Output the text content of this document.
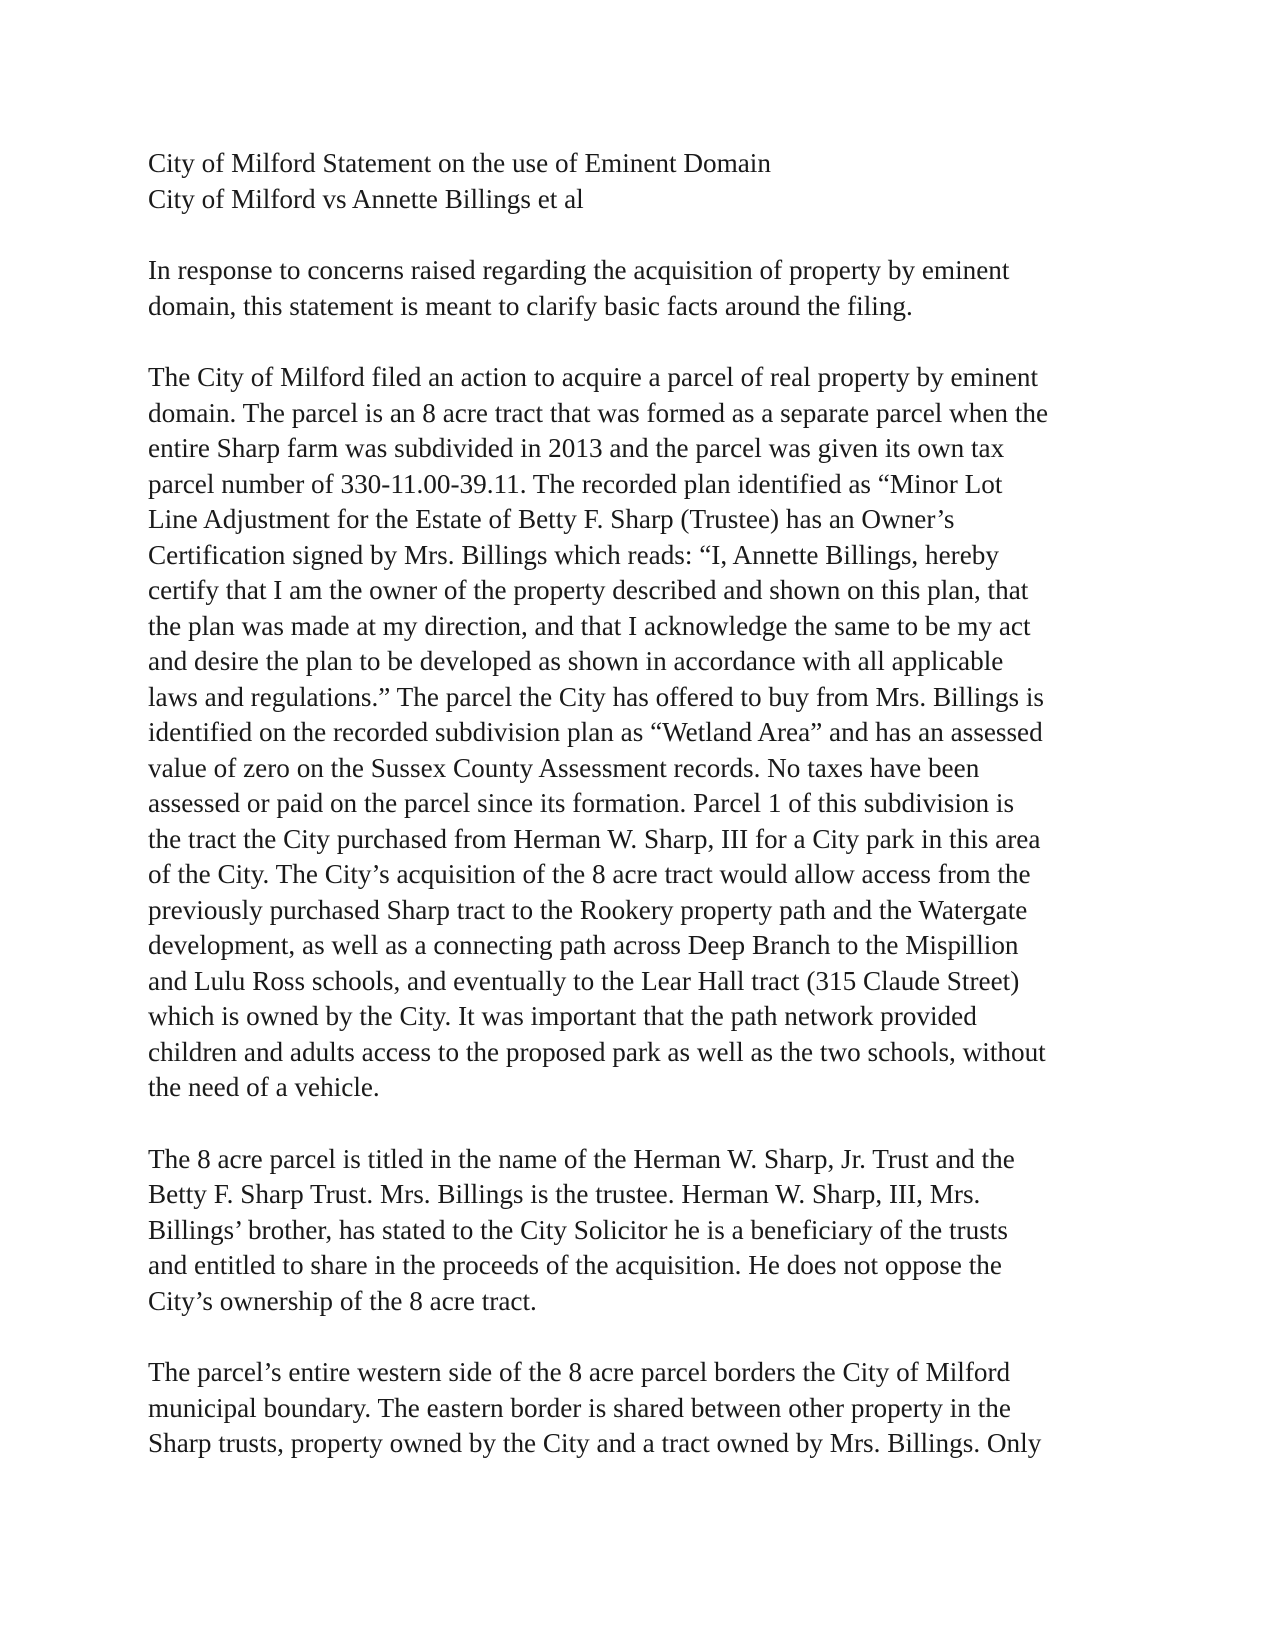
City of Milford Statement on the use of Eminent Domain
City of Milford vs Annette Billings et al
In response to concerns raised regarding the acquisition of property by eminent
domain, this statement is meant to clarify basic facts around the filing.
The City of Milford filed an action to acquire a parcel of real property by eminent
domain. The parcel is an 8 acre tract that was formed as a separate parcel when the
entire Sharp farm was subdivided in 2013 and the parcel was given its own tax
parcel number of 330-11.00-39.11. The recorded plan identified as “Minor Lot
Line Adjustment for the Estate of Betty F. Sharp (Trustee) has an Owner’s
Certification signed by Mrs. Billings which reads: “I, Annette Billings, hereby
certify that I am the owner of the property described and shown on this plan, that
the plan was made at my direction, and that I acknowledge the same to be my act
and desire the plan to be developed as shown in accordance with all applicable
laws and regulations.” The parcel the City has offered to buy from Mrs. Billings is
identified on the recorded subdivision plan as “Wetland Area” and has an assessed
value of zero on the Sussex County Assessment records. No taxes have been
assessed or paid on the parcel since its formation. Parcel 1 of this subdivision is
the tract the City purchased from Herman W. Sharp, III for a City park in this area
of the City. The City’s acquisition of the 8 acre tract would allow access from the
previously purchased Sharp tract to the Rookery property path and the Watergate
development, as well as a connecting path across Deep Branch to the Mispillion
and Lulu Ross schools, and eventually to the Lear Hall tract (315 Claude Street)
which is owned by the City. It was important that the path network provided
children and adults access to the proposed park as well as the two schools, without
the need of a vehicle.
The 8 acre parcel is titled in the name of the Herman W. Sharp, Jr. Trust and the
Betty F. Sharp Trust. Mrs. Billings is the trustee. Herman W. Sharp, III, Mrs.
Billings’ brother, has stated to the City Solicitor he is a beneficiary of the trusts
and entitled to share in the proceeds of the acquisition. He does not oppose the
City’s ownership of the 8 acre tract.
The parcel’s entire western side of the 8 acre parcel borders the City of Milford
municipal boundary. The eastern border is shared between other property in the
Sharp trusts, property owned by the City and a tract owned by Mrs. Billings. Only
